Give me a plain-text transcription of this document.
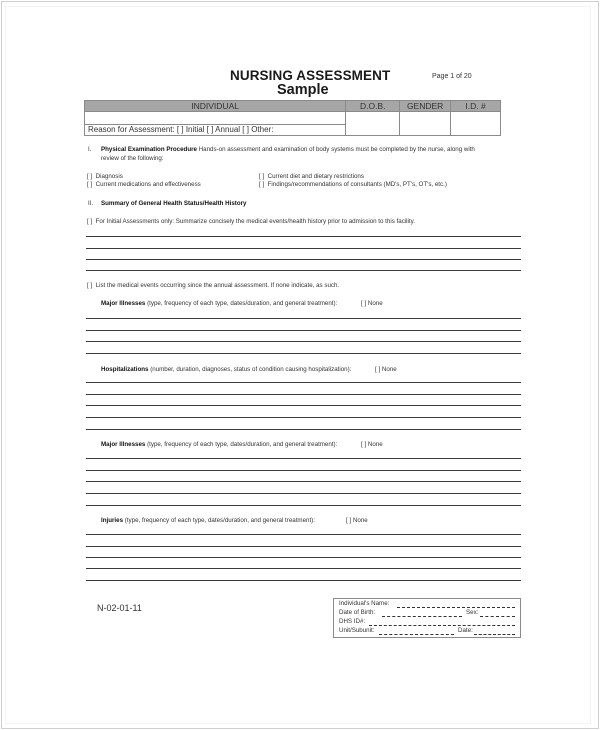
NURSING ASSESSMENT
Sample
Page 1 of 20
INDIVIDUAL	D.O.B.	GENDER	I.D. #

Reason for Assessment: [ ] Initial [ ] Annual [ ] Other:			
I. Physical Examination Procedure Hands-on assessment and examination of body systems must be completed by the nurse, along with
review of the following:
[ ] Diagnosis
[ ] Current medications and effectiveness
[ ] Current diet and dietary restrictions
[ ] Findings/recommendations of consultants (MD's, PT's, OT's, etc.)
II. Summary of General Health Status/Health History
[ ] For Initial Assessments only: Summarize concisely the medical events/health history prior to admission to this facility.
[ ] List the medical events occurring since the annual assessment. If none indicate, as such.
Major Illnesses (type, frequency of each type, dates/duration, and general treatment):	[ ] None
Hospitalizations (number, duration, diagnoses, status of condition causing hospitalization):	[ ] None
Major Illnesses (type, frequency of each type, dates/duration, and general treatment):	[ ] None
Injuries (type, frequency of each type, dates/duration, and general treatment):	[ ] None
N-02-01-11	Individual's Name:
Date of Birth:	Sex:
DHS ID#:
Unit/Subunit:	Date:
